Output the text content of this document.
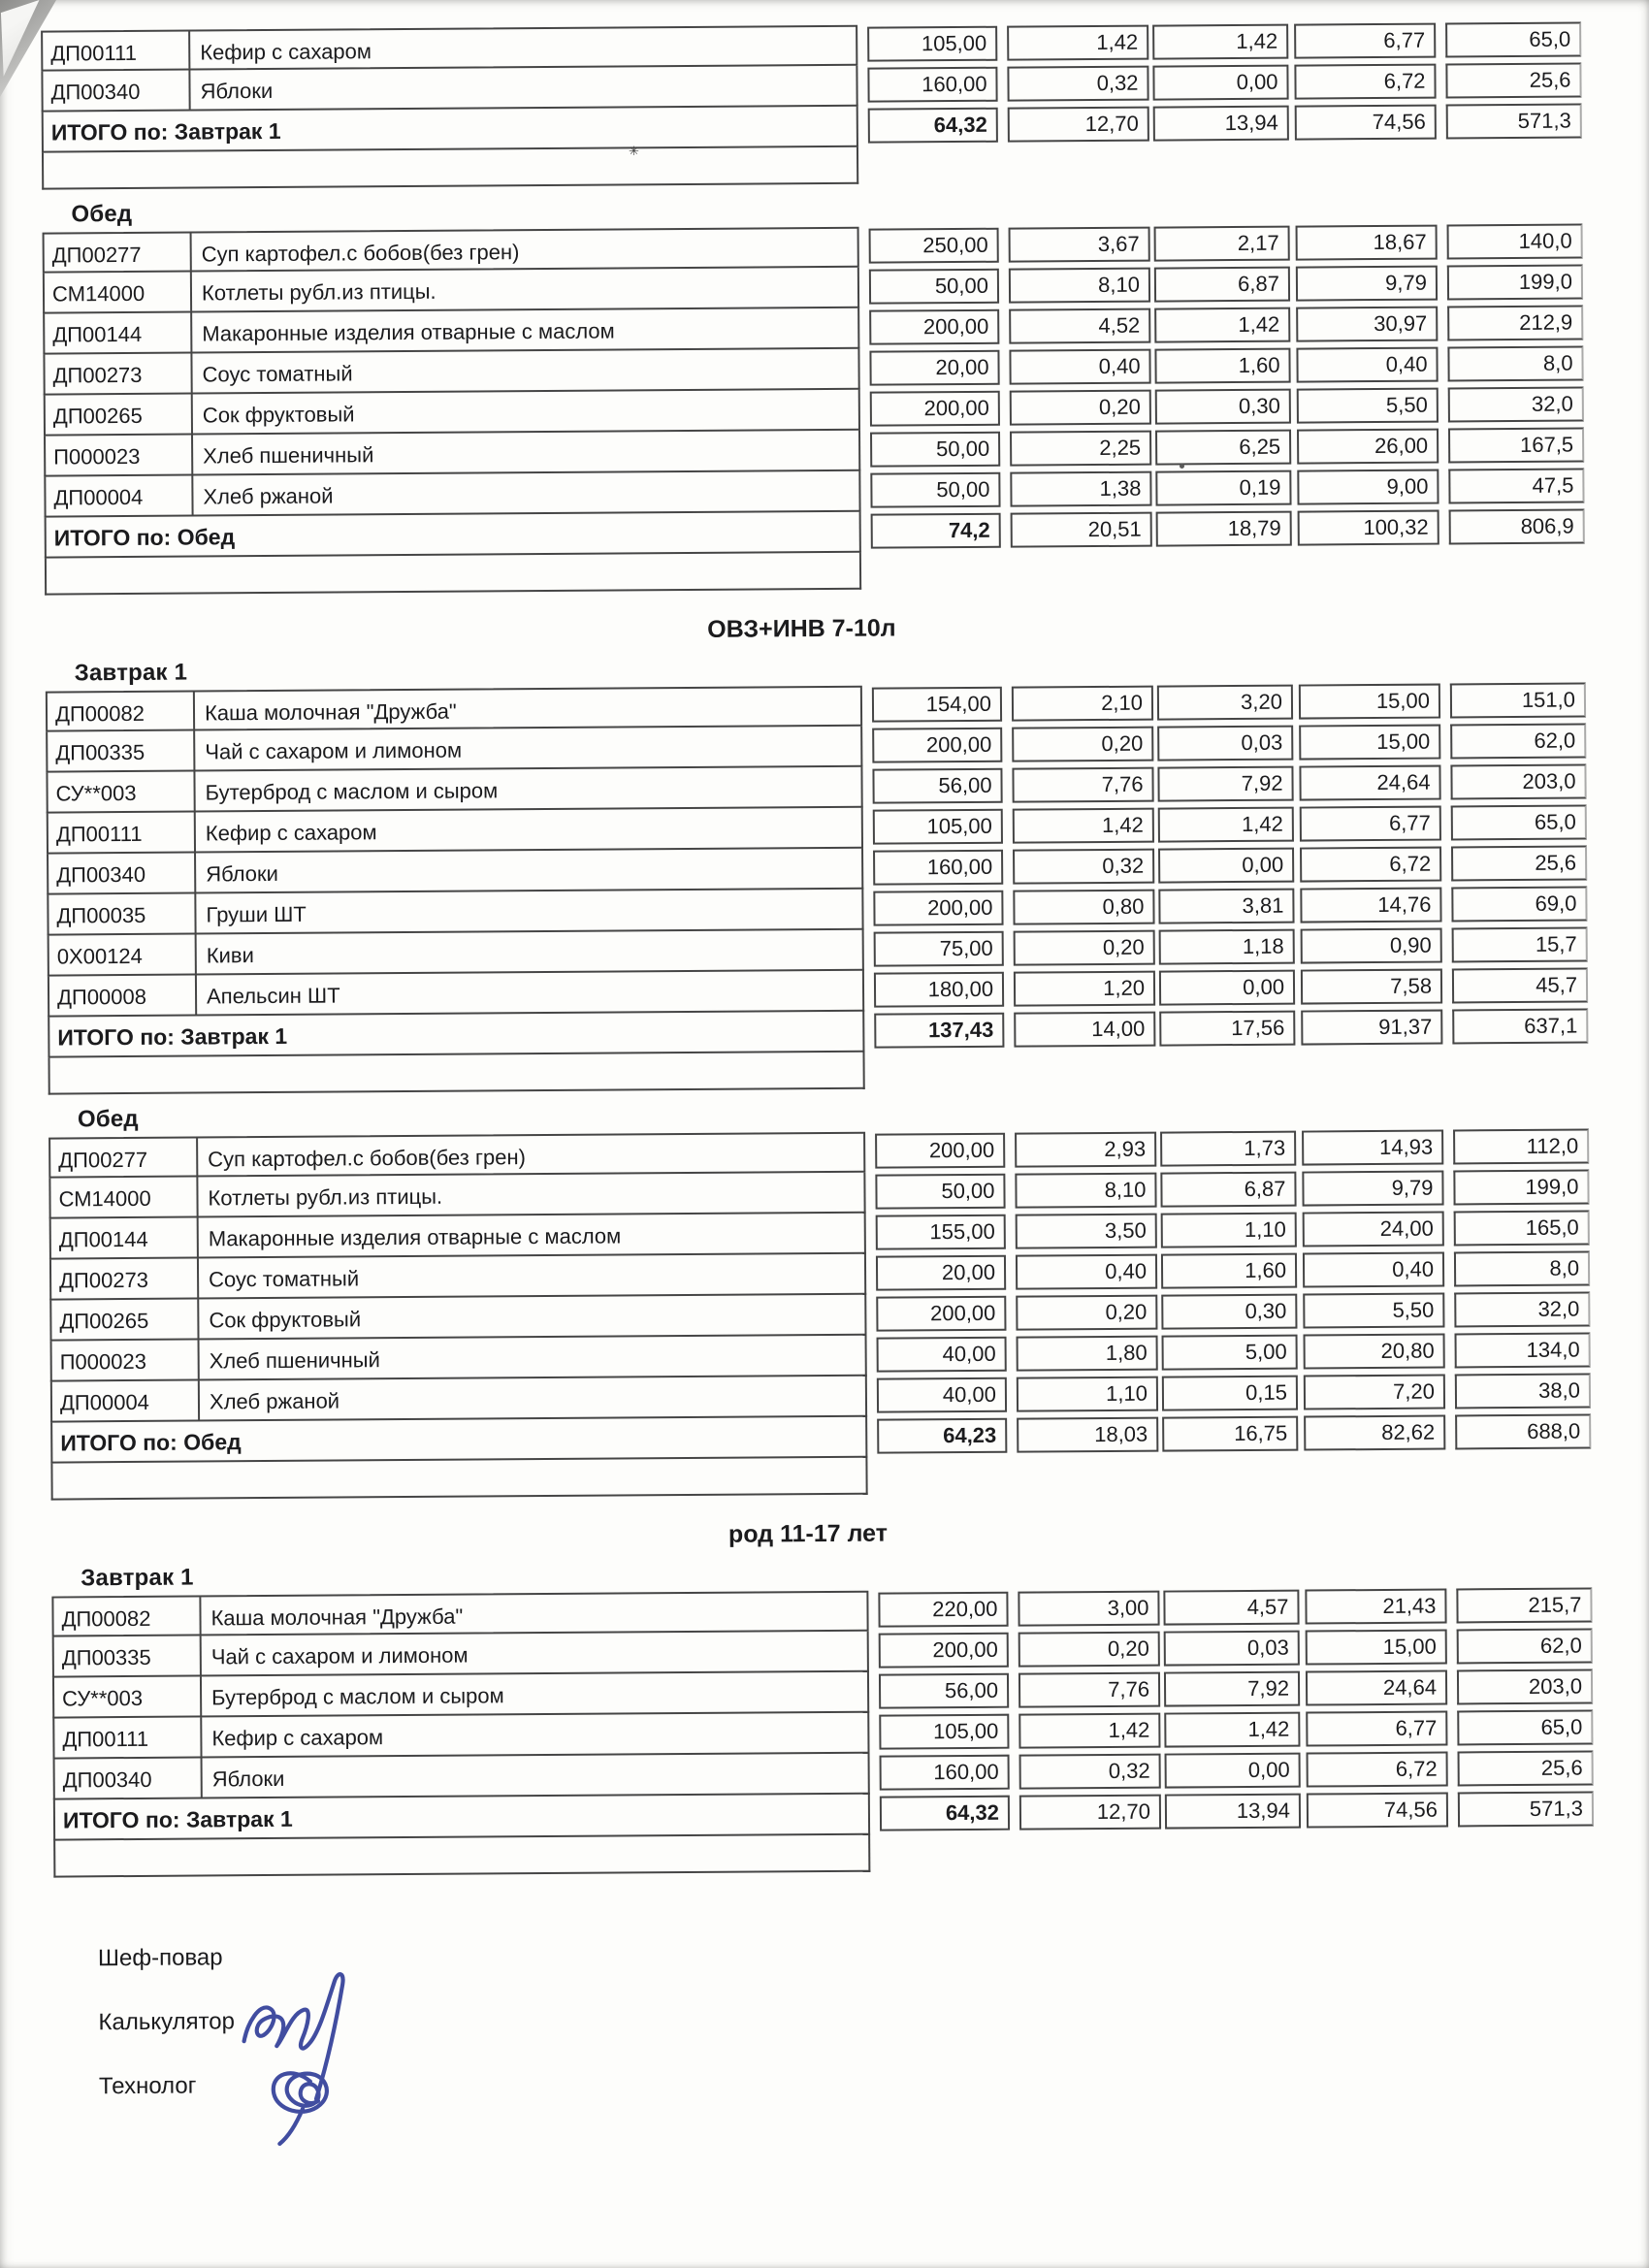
ДП00111	Кефир с сахаром	105,00	1,42	1,42	6,77	65,0
ДП00340	Яблоки	160,00	0,32	0,00	6,72	25,6
ИТОГО по: Завтрак 1	64,32	12,70	13,94	74,56	571,3
Обед
ДП00277	Суп картофел.с бобов(без грен)	250,00	3,67	2,17	18,67	140,0
СМ14000	Котлеты рубл.из птицы.	50,00	8,10	6,87	9,79	199,0
ДП00144	Макаронные изделия отварные с маслом	200,00	4,52	1,42	30,97	212,9
ДП00273	Соус томатный	20,00	0,40	1,60	0,40	8,0
ДП00265	Сок фруктовый	200,00	0,20	0,30	5,50	32,0
П000023	Хлеб пшеничный	50,00	2,25	6,25	26,00	167,5
ДП00004	Хлеб ржаной	50,00	1,38	0,19	9,00	47,5
ИТОГО по: Обед	74,2	20,51	18,79	100,32	806,9
ОВЗ+ИНВ 7-10л
Завтрак 1
ДП00082	Каша молочная "Дружба"	154,00	2,10	3,20	15,00	151,0
ДП00335	Чай с сахаром и лимоном	200,00	0,20	0,03	15,00	62,0
СУ**003	Бутерброд с маслом и сыром	56,00	7,76	7,92	24,64	203,0
ДП00111	Кефир с сахаром	105,00	1,42	1,42	6,77	65,0
ДП00340	Яблоки	160,00	0,32	0,00	6,72	25,6
ДП00035	Груши ШТ	200,00	0,80	3,81	14,76	69,0
0X00124	Киви	75,00	0,20	1,18	0,90	15,7
ДП00008	Апельсин ШТ	180,00	1,20	0,00	7,58	45,7
ИТОГО по: Завтрак 1	137,43	14,00	17,56	91,37	637,1
Обед
ДП00277	Суп картофел.с бобов(без грен)	200,00	2,93	1,73	14,93	112,0
СМ14000	Котлеты рубл.из птицы.	50,00	8,10	6,87	9,79	199,0
ДП00144	Макаронные изделия отварные с маслом	155,00	3,50	1,10	24,00	165,0
ДП00273	Соус томатный	20,00	0,40	1,60	0,40	8,0
ДП00265	Сок фруктовый	200,00	0,20	0,30	5,50	32,0
П000023	Хлеб пшеничный	40,00	1,80	5,00	20,80	134,0
ДП00004	Хлеб ржаной	40,00	1,10	0,15	7,20	38,0
ИТОГО по: Обед	64,23	18,03	16,75	82,62	688,0
род 11-17 лет
Завтрак 1
ДП00082	Каша молочная "Дружба"	220,00	3,00	4,57	21,43	215,7
ДП00335	Чай с сахаром и лимоном	200,00	0,20	0,03	15,00	62,0
СУ**003	Бутерброд с маслом и сыром	56,00	7,76	7,92	24,64	203,0
ДП00111	Кефир с сахаром	105,00	1,42	1,42	6,77	65,0
ДП00340	Яблоки	160,00	0,32	0,00	6,72	25,6
ИТОГО по: Завтрак 1	64,32	12,70	13,94	74,56	571,3
Шеф-повар
Калькулятор
Технолог
✳
